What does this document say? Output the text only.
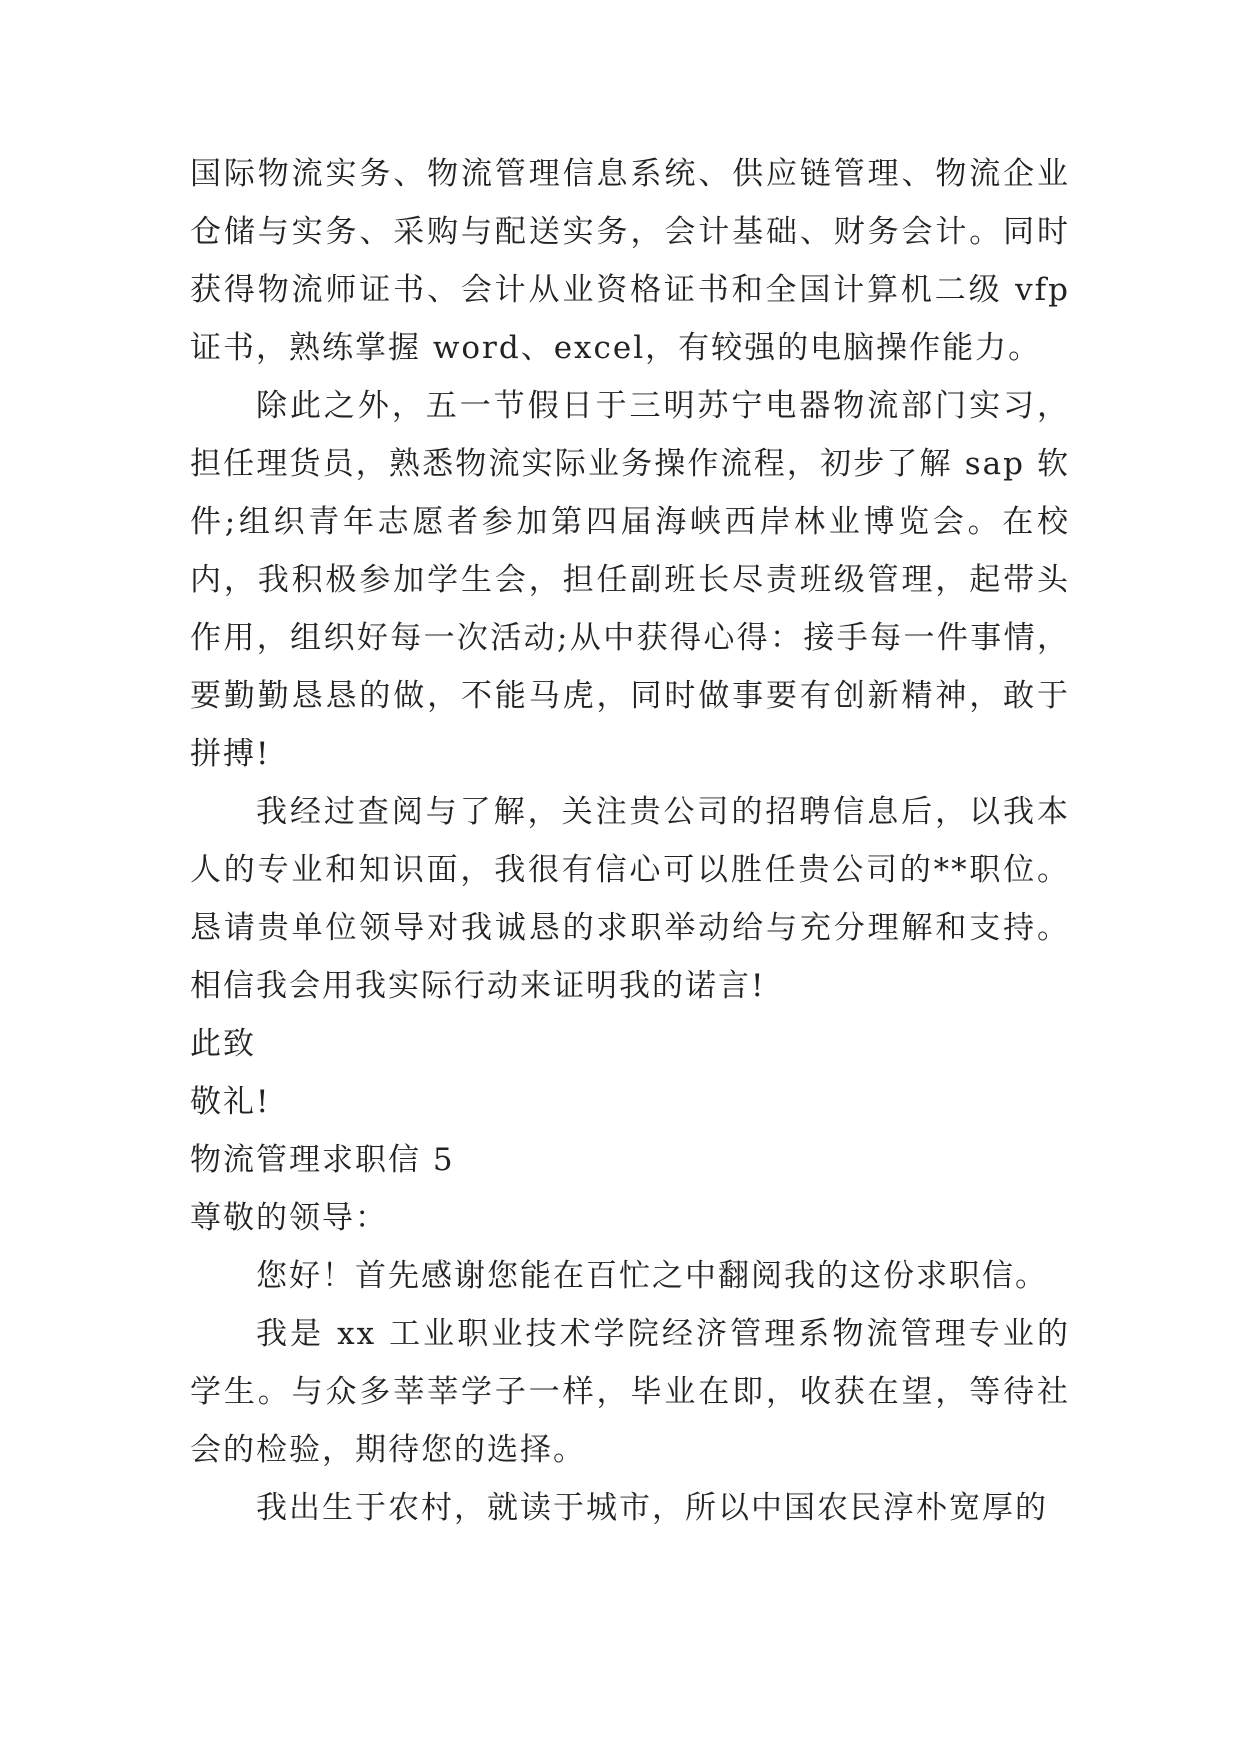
国际物流实务、物流管理信息系统、供应链管理、物流企业仓储与实务、采购与配送实务，会计基础、财务会计。同时获得物流师证书、会计从业资格证书和全国计算机二级 vfp 证书，熟练掌握 word、excel，有较强的电脑操作能力。

除此之外，五一节假日于三明苏宁电器物流部门实习，担任理货员，熟悉物流实际业务操作流程，初步了解 sap 软件;组织青年志愿者参加第四届海峡西岸林业博览会。在校内，我积极参加学生会，担任副班长尽责班级管理，起带头作用，组织好每一次活动;从中获得心得：接手每一件事情，要勤勤恳恳的做，不能马虎，同时做事要有创新精神，敢于拼搏!

我经过查阅与了解，关注贵公司的招聘信息后，以我本人的专业和知识面，我很有信心可以胜任贵公司的**职位。恳请贵单位领导对我诚恳的求职举动给与充分理解和支持。相信我会用我实际行动来证明我的诺言!

此致

敬礼!

物流管理求职信 5

尊敬的领导：

您好！首先感谢您能在百忙之中翻阅我的这份求职信。

我是 xx 工业职业技术学院经济管理系物流管理专业的学生。与众多莘莘学子一样，毕业在即，收获在望，等待社会的检验，期待您的选择。

我出生于农村，就读于城市，所以中国农民淳朴宽厚的
